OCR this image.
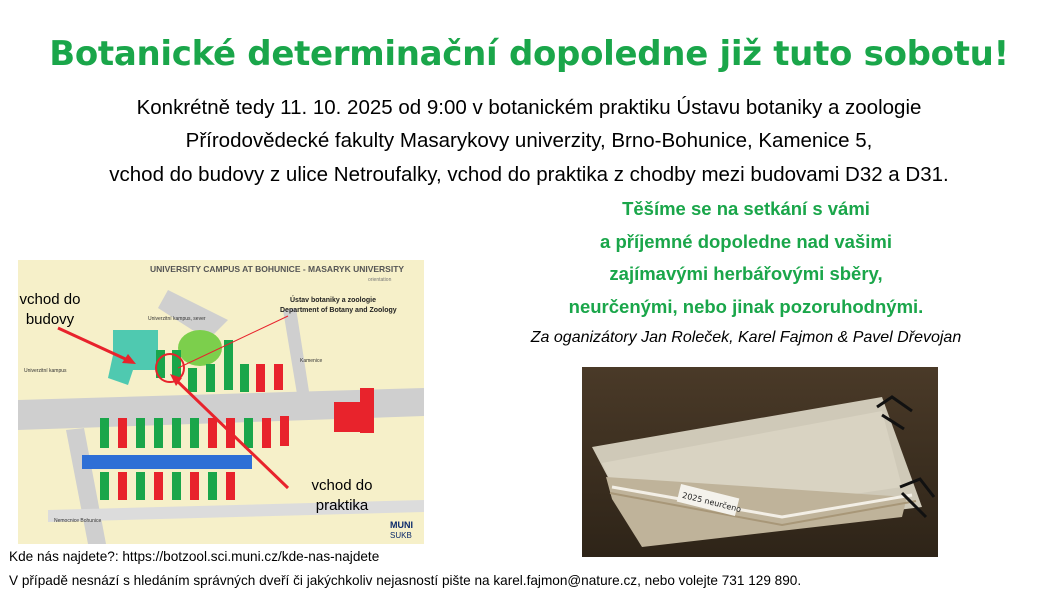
Botanické determinační dopoledne již tuto sobotu!
Konkrétně tedy 11. 10. 2025 od 9:00 v botanickém praktiku Ústavu botaniky a zoologie
Přírodovědecké fakulty Masarykovy univerzity, Brno-Bohunice, Kamenice 5,
vchod do budovy z ulice Netroufalky, vchod do praktika z chodby mezi budovami D32 a D31.
Těšíme se na setkání s vámi
a příjemné dopoledne nad vašimi
zajímavými herbářovými sběry,
neurčenými, nebo jinak pozoruhodnými.
Za oganizátory Jan Roleček, Karel Fajmon & Pavel Dřevojan
UNIVERSITY CAMPUS AT BOHUNICE - MASARYK UNIVERSITY
orientation
Univerzitní kampus, sever
Univerzitní kampus
Kamenice
Nemocnice Bohunice
Ústav botaniky a zoologie
Department of Botany and Zoology
MUNI
SUKB
vchod do
budovy
vchod do
praktika	2025 neurčeno
Kde nás najdete?: https://botzool.sci.muni.cz/kde-nas-najdete
V případě nesnází s hledáním správných dveří či jakýchkoliv nejasností pište na karel.fajmon@nature.cz, nebo volejte 731 129 890.
